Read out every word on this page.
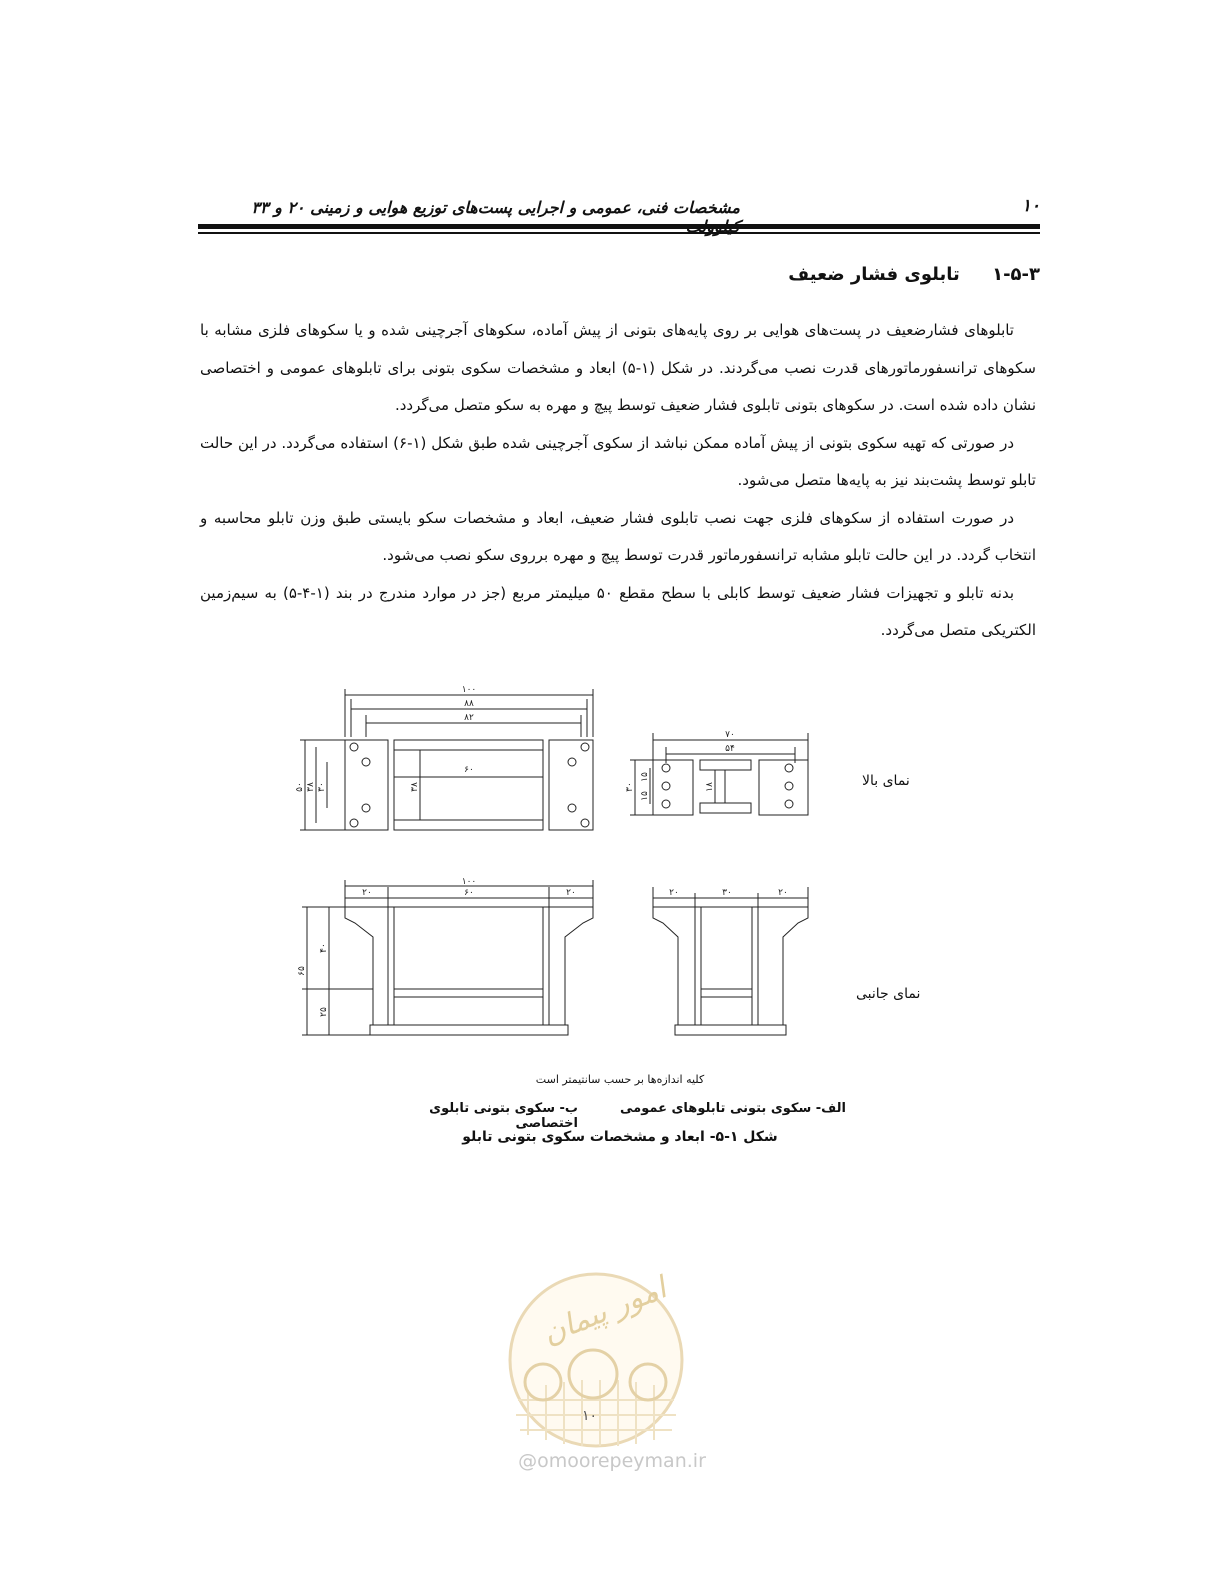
مشخصات فنی، عمومی و اجرایی پست‌های توزیع هوایی و زمینی ۲۰ و ۳۳	۱۰
۱-۵-۳ تابلوی فشار ضعیف

تابلوهای فشارضعیف در پست‌های هوایی بر روی پایه‌های بتونی از پیش آماده، سکوهای آجرچینی شده و یا سکوهای فلزی مشابه با سکوهای ترانسفورماتورهای قدرت نصب می‌گردند. در شکل (۱-۵) ابعاد و مشخصات سکوی بتونی برای تابلوهای عمومی و اختصاصی نشان داده شده است. در سکوهای بتونی تابلوی فشار ضعیف توسط پیچ و مهره به سکو متصل می‌گردد.

در صورتی که تهیه سکوی بتونی از پیش آماده ممکن نباشد از سکوی آجرچینی شده طبق شکل (۱-۶) استفاده می‌گردد. در این حالت تابلو توسط پشت‌بند نیز به پایه‌ها متصل می‌شود.

در صورت استفاده از سکوهای فلزی جهت نصب تابلوی فشار ضعیف، ابعاد و مشخصات سکو بایستی طبق وزن تابلو محاسبه و انتخاب گردد. در این حالت تابلو مشابه ترانسفورماتور قدرت توسط پیچ و مهره برروی سکو نصب می‌شود.

بدنه تابلو و تجهیزات فشار ضعیف توسط کابلی با سطح مقطع ۵۰ میلیمتر مربع (جز در موارد مندرج در بند (۱-۴-۵) به سیم‌زمین الکتریکی متصل می‌گردد.

۱۰۰
۸۸
۸۲
۶۰
۵۰ ۳۸ ۳۰	۳۸
۷۰
۵۴
۳۰
۱۵
۱۵
۱۸
۱۰۰
۲۰	۶۰	۲۰
۶۵
۴۰
۲۵
۲۰	۳۰	۲۰
نمای بالا
نمای جانبی
کلیه اندازه‌ها بر حسب سانتیمتر است
الف- سکوی بتونی تابلوهای عمومی
ب- سکوی بتونی تابلوی اختصاصی
شکل ۱-۵- ابعاد و مشخصات سکوی بتونی تابلو
امور پیمان
۱۰
@omoorepeyman.ir
